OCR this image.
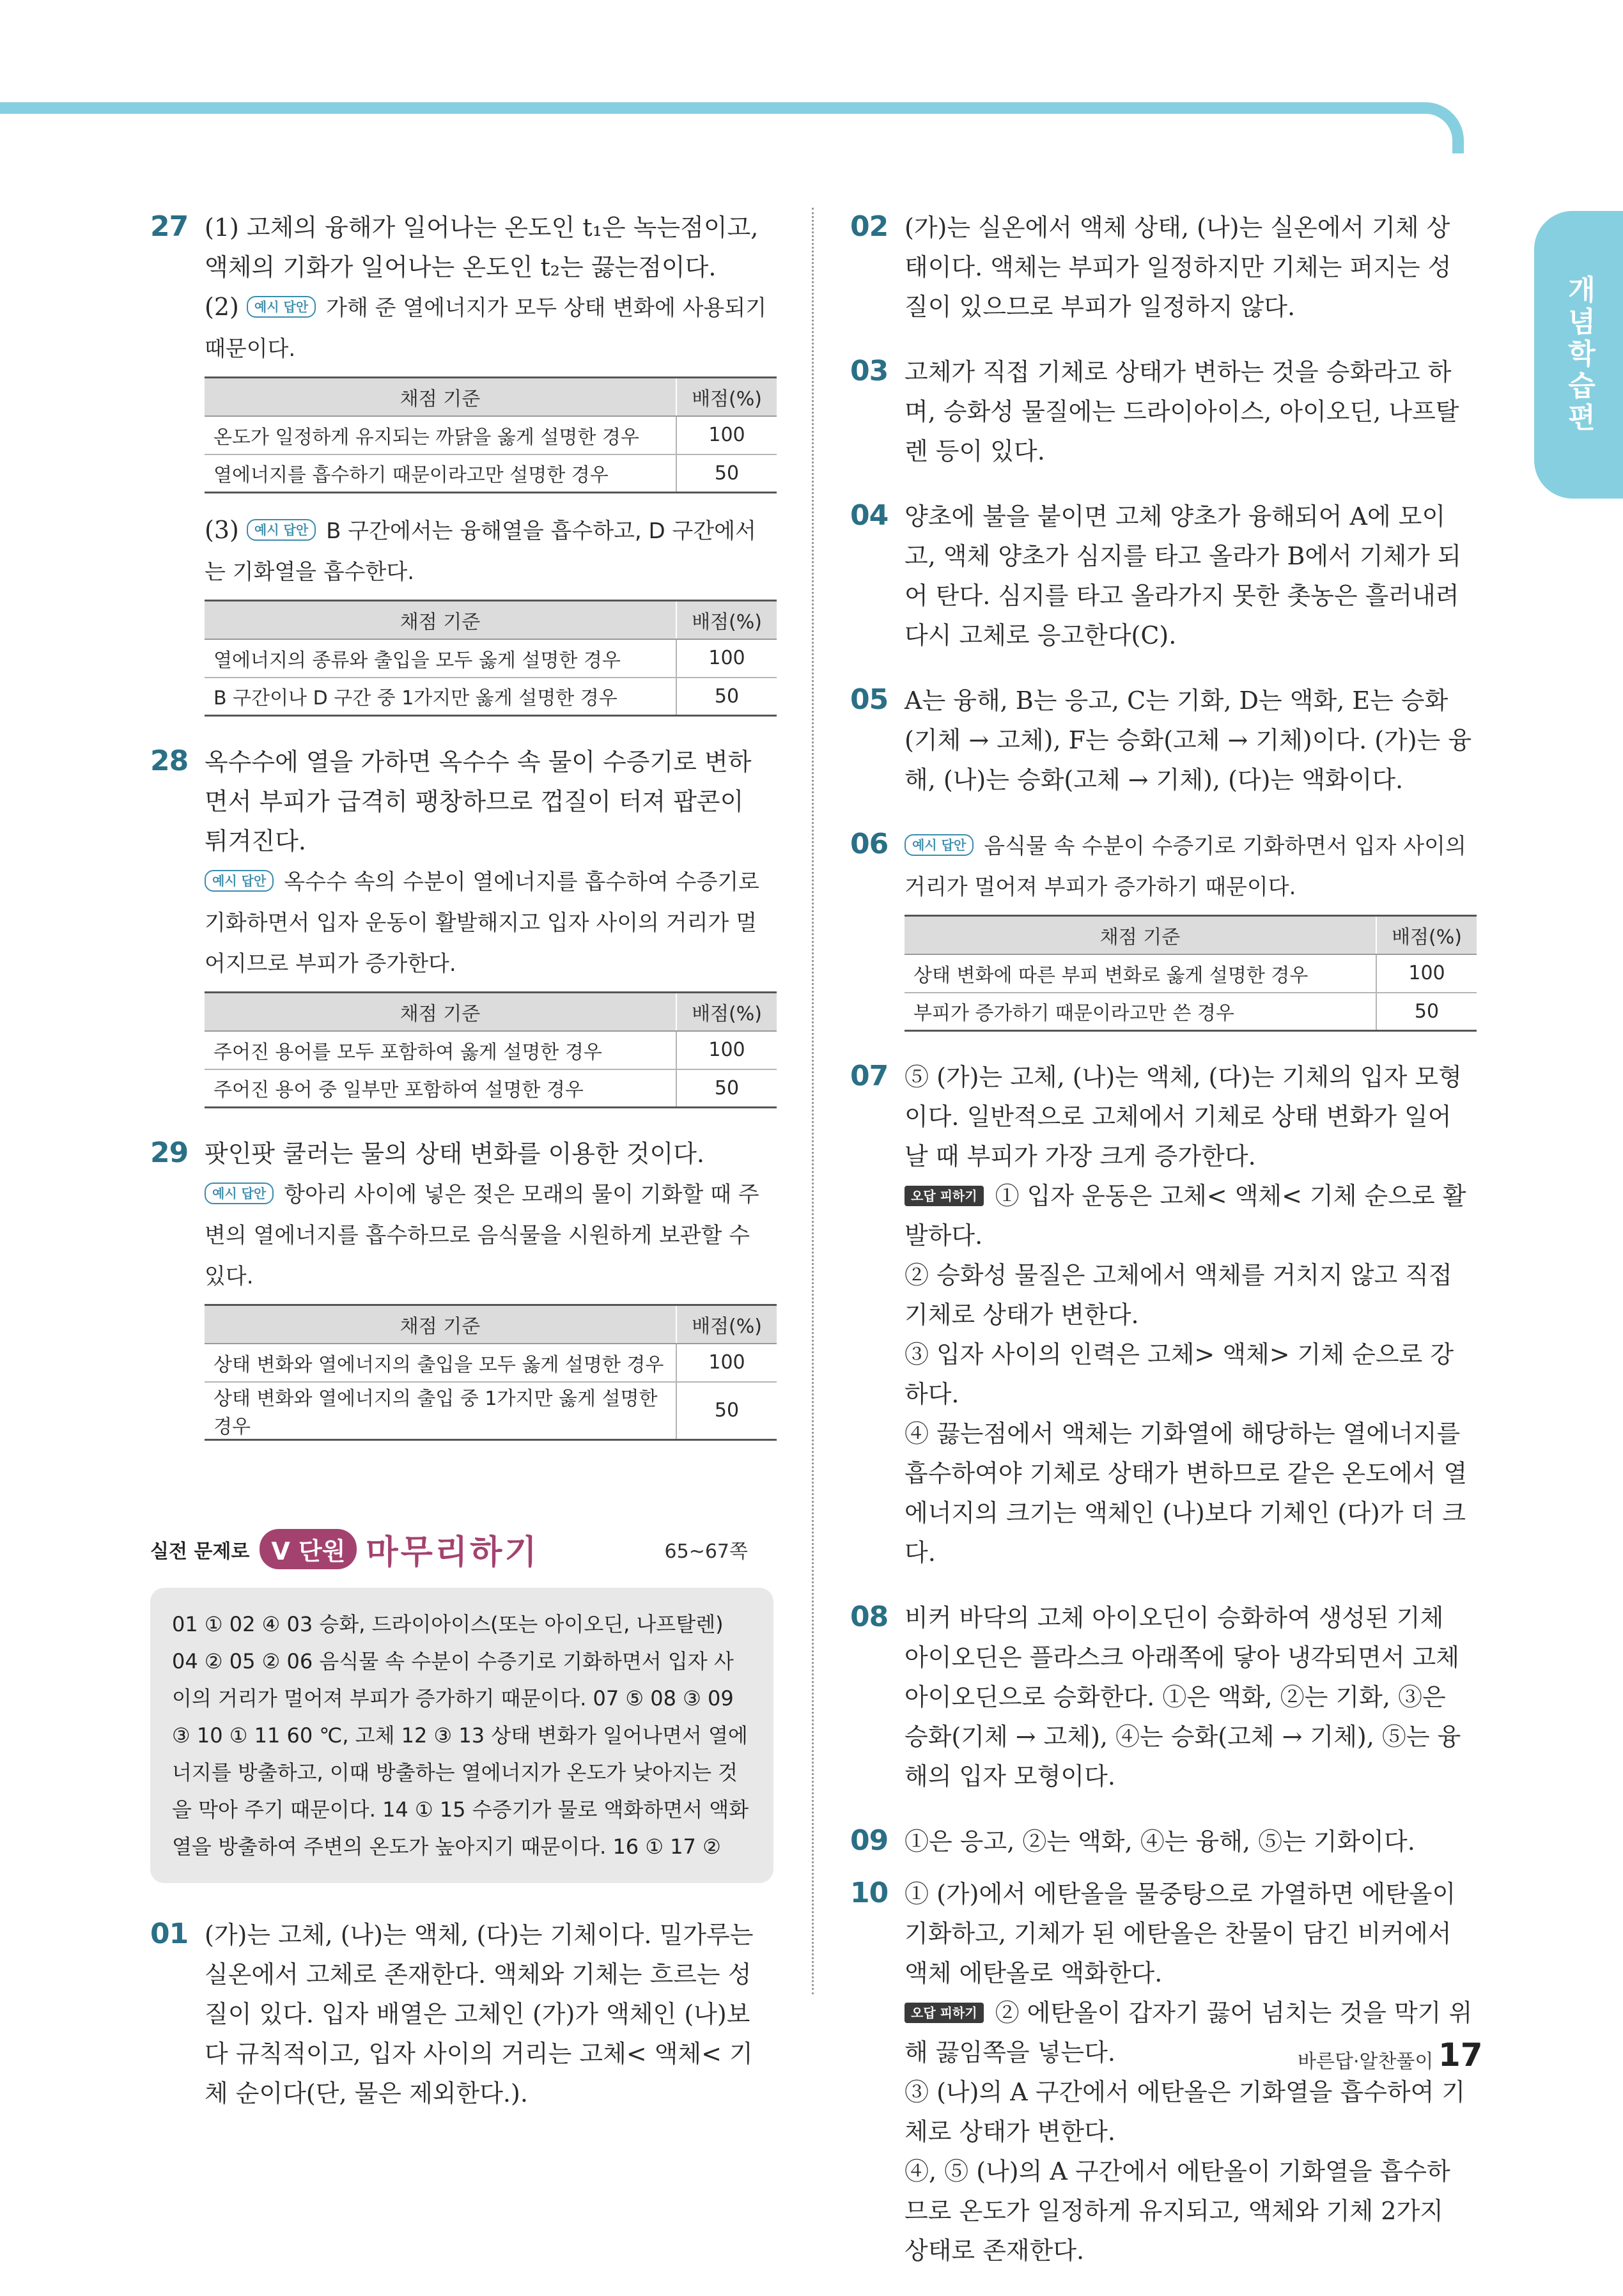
개념학습편
27 (1) 고체의 융해가 일어나는 온도인 t₁은 녹는점이고, 액체의 기화가 일어나는 온도인 t₂는 끓는점이다.
(2) 예시 답안 가해 준 열에너지가 모두 상태 변화에 사용되기 때문이다.
채점 기준	배점(%)
온도가 일정하게 유지되는 까닭을 옳게 설명한 경우	100
열에너지를 흡수하기 때문이라고만 설명한 경우	50
(3) 예시 답안 B 구간에서는 융해열을 흡수하고, D 구간에서는 기화열을 흡수한다.
채점 기준	배점(%)
열에너지의 종류와 출입을 모두 옳게 설명한 경우	100
B 구간이나 D 구간 중 1가지만 옳게 설명한 경우	50
28 옥수수에 열을 가하면 옥수수 속 물이 수증기로 변하면서 부피가 급격히 팽창하므로 껍질이 터져 팝콘이 튀겨진다.
예시 답안 옥수수 속의 수분이 열에너지를 흡수하여 수증기로 기화하면서 입자 운동이 활발해지고 입자 사이의 거리가 멀어지므로 부피가 증가한다.
채점 기준	배점(%)
주어진 용어를 모두 포함하여 옳게 설명한 경우	100
주어진 용어 중 일부만 포함하여 설명한 경우	50
29 팟인팟 쿨러는 물의 상태 변화를 이용한 것이다.
예시 답안 항아리 사이에 넣은 젖은 모래의 물이 기화할 때 주변의 열에너지를 흡수하므로 음식물을 시원하게 보관할 수 있다.
채점 기준	배점(%)
상태 변화와 열에너지의 출입을 모두 옳게 설명한 경우	100
상태 변화와 열에너지의 출입 중 1가지만 옳게 설명한 경우	50
실전 문제로 V 단원 마무리하기	65~67쪽
01 ① 02 ④ 03 승화, 드라이아이스(또는 아이오딘, 나프탈렌) 04 ② 05 ② 06 음식물 속 수분이 수증기로 기화하면서 입자 사이의 거리가 멀어져 부피가 증가하기 때문이다. 07 ⑤ 08 ③ 09 ③ 10 ① 11 60 ℃, 고체 12 ③ 13 상태 변화가 일어나면서 열에너지를 방출하고, 이때 방출하는 열에너지가 온도가 낮아지는 것을 막아 주기 때문이다. 14 ① 15 수증기가 물로 액화하면서 액화열을 방출하여 주변의 온도가 높아지기 때문이다. 16 ① 17 ②
01 (가)는 고체, (나)는 액체, (다)는 기체이다. 밀가루는 실온에서 고체로 존재한다. 액체와 기체는 흐르는 성질이 있다. 입자 배열은 고체인 (가)가 액체인 (나)보다 규칙적이고, 입자 사이의 거리는 고체< 액체< 기체 순이다(단, 물은 제외한다.).
02 (가)는 실온에서 액체 상태, (나)는 실온에서 기체 상태이다. 액체는 부피가 일정하지만 기체는 퍼지는 성질이 있으므로 부피가 일정하지 않다.
03 고체가 직접 기체로 상태가 변하는 것을 승화라고 하며, 승화성 물질에는 드라이아이스, 아이오딘, 나프탈렌 등이 있다.
04 양초에 불을 붙이면 고체 양초가 융해되어 A에 모이고, 액체 양초가 심지를 타고 올라가 B에서 기체가 되어 탄다. 심지를 타고 올라가지 못한 촛농은 흘러내려 다시 고체로 응고한다(C).
05 A는 융해, B는 응고, C는 기화, D는 액화, E는 승화(기체 → 고체), F는 승화(고체 → 기체)이다. (가)는 융해, (나)는 승화(고체 → 기체), (다)는 액화이다.
06	예시 답안 음식물 속 수분이 수증기로 기화하면서 입자 사이의 거리가 멀어져 부피가 증가하기 때문이다.
채점 기준	배점(%)
상태 변화에 따른 부피 변화로 옳게 설명한 경우	100
부피가 증가하기 때문이라고만 쓴 경우	50
07 ⑤ (가)는 고체, (나)는 액체, (다)는 기체의 입자 모형이다. 일반적으로 고체에서 기체로 상태 변화가 일어날 때 부피가 가장 크게 증가한다.
오답 피하기 ① 입자 운동은 고체< 액체< 기체 순으로 활발하다.
② 승화성 물질은 고체에서 액체를 거치지 않고 직접 기체로 상태가 변한다.
③ 입자 사이의 인력은 고체> 액체> 기체 순으로 강하다.
④ 끓는점에서 액체는 기화열에 해당하는 열에너지를 흡수하여야 기체로 상태가 변하므로 같은 온도에서 열에너지의 크기는 액체인 (나)보다 기체인 (다)가 더 크다.
08 비커 바닥의 고체 아이오딘이 승화하여 생성된 기체 아이오딘은 플라스크 아래쪽에 닿아 냉각되면서 고체 아이오딘으로 승화한다. ①은 액화, ②는 기화, ③은 승화(기체 → 고체), ④는 승화(고체 → 기체), ⑤는 융해의 입자 모형이다.
09 ①은 응고, ②는 액화, ④는 융해, ⑤는 기화이다.
10 ① (가)에서 에탄올을 물중탕으로 가열하면 에탄올이 기화하고, 기체가 된 에탄올은 찬물이 담긴 비커에서 액체 에탄올로 액화한다.
오답 피하기 ② 에탄올이 갑자기 끓어 넘치는 것을 막기 위해 끓임쪽을 넣는다.
③ (나)의 A 구간에서 에탄올은 기화열을 흡수하여 기체로 상태가 변한다.
④, ⑤ (나)의 A 구간에서 에탄올이 기화열을 흡수하므로 온도가 일정하게 유지되고, 액체와 기체 2가지 상태로 존재한다.
바른답·알찬풀이 17
